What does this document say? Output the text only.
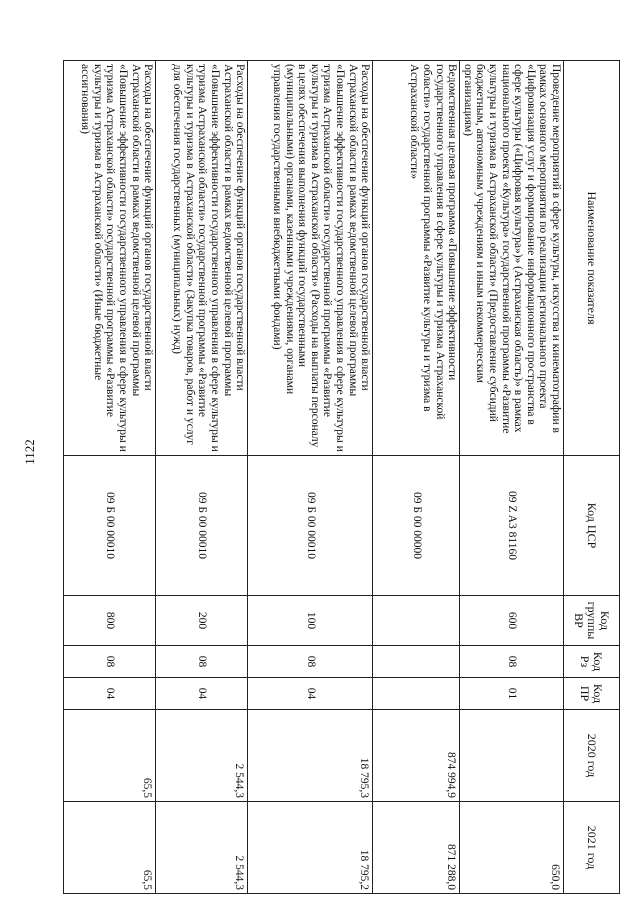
1122
Наименование показателя	Код ЦСР	Код группы ВР	Код Рз	Код ПР	2020 год	2021 год
Проведение мероприятий в сфере культуры, искусства и кинематографии в рамках основного мероприятия по реализации регионального проекта «Цифровизация услуг и формирование информационного пространства в сфере культуры («Цифровая культура»)» (Астраханская область)» в рамках национального проекта «Культура» государственной программы «Развитие культуры и туризма в Астраханской области» (Предоставление субсидий бюджетным, автономным учреждениям и иным некоммерческим организациям)	09 Z A3 81160	600	08	01		650,0
Ведомственная целевая программа «Повышение эффективности государственного управления в сфере культуры и туризма Астраханской области» государственной программы «Развитие культуры и туризма в Астраханской области»	09 Б 00 00000				874 994,9	871 288,0
Расходы на обеспечение функций органов государственной власти Астраханской области в рамках ведомственной целевой программы «Повышение эффективности государственного управления в сфере культуры и туризма Астраханской области» государственной программы «Развитие культуры и туризма в Астраханской области» (Расходы на выплаты персоналу в целях обеспечения выполнения функций государственными (муниципальными) органами, казенными учреждениями, органами управления государственными внебюджетными фондами)	09 Б 00 00010	100	08	04	18 795,3	18 795,2
Расходы на обеспечение функций органов государственной власти Астраханской области в рамках ведомственной целевой программы «Повышение эффективности государственного управления в сфере культуры и туризма Астраханской области» государственной программы «Развитие культуры и туризма в Астраханской области» (Закупка товаров, работ и услуг для обеспечения государственных (муниципальных) нужд)	09 Б 00 00010	200	08	04	2 544,3	2 544,3
Расходы на обеспечение функций органов государственной власти Астраханской области в рамках ведомственной целевой программы «Повышение эффективности государственного управления в сфере культуры и туризма Астраханской области» государственной программы «Развитие культуры и туризма в Астраханской области» (Иные бюджетные ассигнования)	09 Б 00 00010	800	08	04	65,5	65,5
